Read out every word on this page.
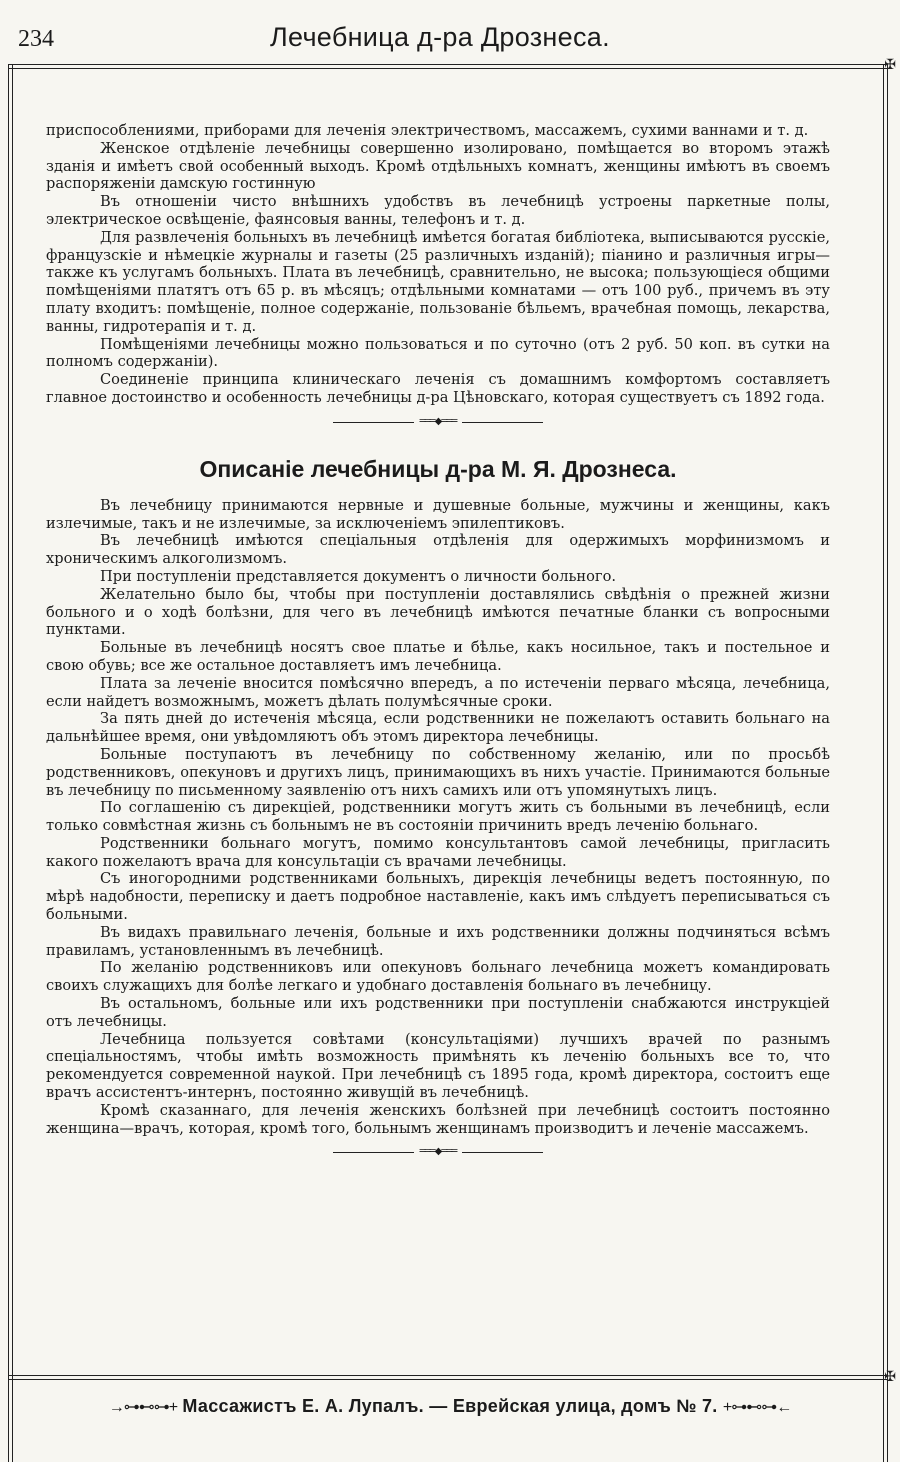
234	Лечебница д-ра Дрознеса.
✠
✠

приспособлениями, приборами для леченія электричествомъ, массажемъ, сухими ваннами и т. д.

Женское отдѣленіе лечебницы совершенно изолировано, помѣщается во второмъ этажѣ зданія и имѣетъ свой особенный выходъ. Кромѣ отдѣльныхъ комнатъ, женщины имѣютъ въ своемъ распоряженіи дамскую гостинную

Въ отношеніи чисто внѣшнихъ удобствъ въ лечебницѣ устроены паркетные полы, электрическое освѣщеніе, фаянсовыя ванны, телефонъ и т. д.

Для развлеченія больныхъ въ лечебницѣ имѣется богатая библіотека, выписываются русскіе, французскіе и нѣмецкіе журналы и газеты (25 различныхъ изданій); піанино и различныя игры—также къ услугамъ больныхъ. Плата въ лечебницѣ, сравнительно, не высока; пользующіеся общими помѣщеніями платятъ отъ 65 р. въ мѣсяцъ; отдѣльными комнатами — отъ 100 руб., причемъ въ эту плату входитъ: помѣщеніе, полное содержаніе, пользованіе бѣльемъ, врачебная помощь, лекарства, ванны, гидротерапія и т. д.

Помѣщеніями лечебницы можно пользоваться и по суточно (отъ 2 руб. 50 коп. въ сутки на полномъ содержаніи).

Соединеніе принципа клиническаго леченія съ домашнимъ комфортомъ составляетъ главное достоинство и особенность лечебницы д-ра Цѣновскаго, которая существуетъ съ 1892 года.

═══◆═══
Описаніе лечебницы д-ра М. Я. Дрознеса.

Въ лечебницу принимаются нервные и душевные больные, мужчины и женщины, какъ излечимые, такъ и не излечимые, за исключеніемъ эпилептиковъ.

Въ лечебницѣ имѣются спеціальныя отдѣленія для одержимыхъ морфинизмомъ и хроническимъ алкоголизмомъ.

При поступленіи представляется документъ о личности больного.

Желательно было бы, чтобы при поступленіи доставлялись свѣдѣнія о прежней жизни больного и о ходѣ болѣзни, для чего въ лечебницѣ имѣются печатные бланки съ вопросными пунктами.

Больные въ лечебницѣ носятъ свое платье и бѣлье, какъ носильное, такъ и постельное и свою обувь; все же остальное доставляетъ имъ лечебница.

Плата за леченіе вносится помѣсячно впередъ, а по истеченіи перваго мѣсяца, лечебница, если найдетъ возможнымъ, можетъ дѣлать полумѣсячные сроки.

За пять дней до истеченія мѣсяца, если родственники не пожелаютъ оставить больнаго на дальнѣйшее время, они увѣдомляютъ объ этомъ директора лечебницы.

Больные поступаютъ въ лечебницу по собственному желанію, или по просьбѣ родственниковъ, опекуновъ и другихъ лицъ, принимающихъ въ нихъ участіе. Принимаются больные въ лечебницу по письменному заявленію отъ нихъ самихъ или отъ упомянутыхъ лицъ.

По соглашенію съ дирекціей, родственники могутъ жить съ больными въ лечебницѣ, если только совмѣстная жизнь съ больнымъ не въ состояніи причинить вредъ леченію больнаго.

Родственники больнаго могутъ, помимо консультантовъ самой лечебницы, пригласить какого пожелаютъ врача для консультаціи съ врачами лечебницы.

Съ иногородними родственниками больныхъ, дирекція лечебницы ведетъ постоянную, по мѣрѣ надобности, переписку и даетъ подробное наставленіе, какъ имъ слѣдуетъ переписываться съ больными.

Въ видахъ правильнаго леченія, больные и ихъ родственники должны подчиняться всѣмъ правиламъ, установленнымъ въ лечебницѣ.

По желанію родственниковъ или опекуновъ больнаго лечебница можетъ командировать своихъ служащихъ для болѣе легкаго и удобнаго доставленія больнаго въ лечебницу.

Въ остальномъ, больные или ихъ родственники при поступленіи снабжаются инструкціей отъ лечебницы.

Лечебница пользуется совѣтами (консультаціями) лучшихъ врачей по разнымъ спеціальностямъ, чтобы имѣть возможность примѣнять къ леченію больныхъ все то, что рекомендуется современной наукой. При лечебницѣ съ 1895 года, кромѣ директора, состоитъ еще врачъ ассистентъ-интернъ, постоянно живущій въ лечебницѣ.

Кромѣ сказаннаго, для леченія женскихъ болѣзней при лечебницѣ состоитъ постоянно женщина—врачъ, которая, кромѣ того, больнымъ женщинамъ производитъ и леченіе массажемъ.

═══◆═══
→⊶⊷⊶+ Массажистъ Е. А. Лупалъ. — Еврейская улица, домъ № 7. +⊶⊷⊶←
